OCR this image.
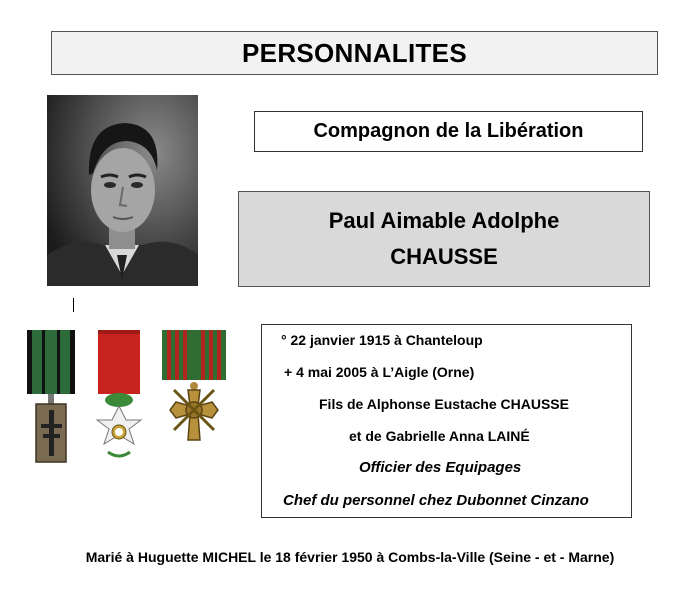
PERSONNALITES
Compagnon de la Libération
Paul Aimable Adolphe
CHAUSSE
° 22 janvier 1915 à Chanteloup
+ 4 mai 2005 à L’Aigle (Orne)
Fils de Alphonse Eustache CHAUSSE
et de Gabrielle Anna LAINÉ
Officier des Equipages
Chef du personnel chez Dubonnet Cinzano
Marié à Huguette MICHEL le 18 février 1950 à Combs-la-Ville (Seine - et - Marne)
